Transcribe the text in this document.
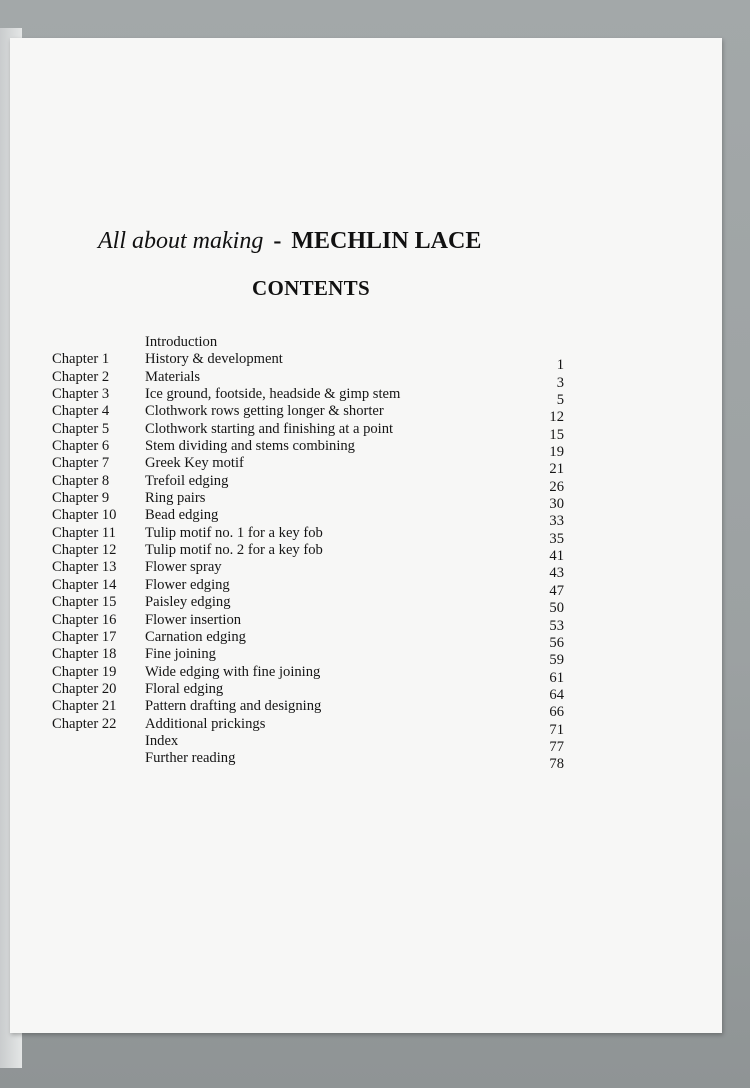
All about making - MECHLIN LACE
CONTENTS
Introduction
Chapter 1 History & development	1
Chapter 2 Materials	3
Chapter 3 Ice ground, footside, headside & gimp stem	5
Chapter 4 Clothwork rows getting longer & shorter	12
Chapter 5 Clothwork starting and finishing at a point	15
Chapter 6 Stem dividing and stems combining	19
Chapter 7 Greek Key motif	21
Chapter 8 Trefoil edging	26
Chapter 9 Ring pairs	30
Chapter 10 Bead edging	33
Chapter 11 Tulip motif no. 1 for a key fob	35
Chapter 12 Tulip motif no. 2 for a key fob	41
Chapter 13 Flower spray	43
Chapter 14 Flower edging	47
Chapter 15 Paisley edging	50
Chapter 16 Flower insertion	53
Chapter 17 Carnation edging	56
Chapter 18 Fine joining	59
Chapter 19 Wide edging with fine joining	61
Chapter 20 Floral edging	64
Chapter 21 Pattern drafting and designing	66
Chapter 22 Additional prickings	71
Index	77
Further reading	78
